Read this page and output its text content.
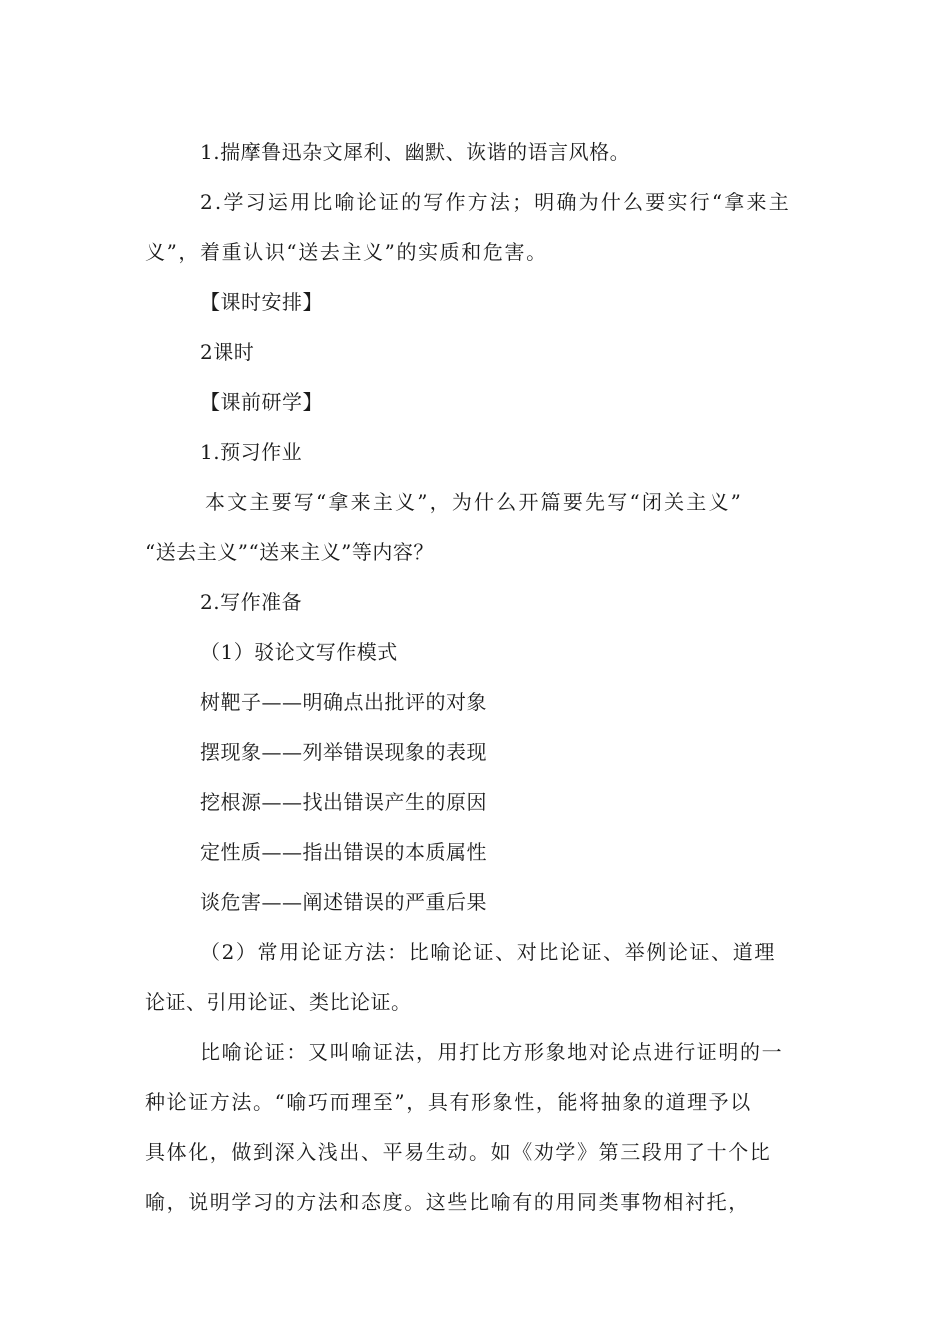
1.揣摩鲁迅杂文犀利、幽默、诙谐的语言风格。
2.学习运用比喻论证的写作方法；明确为什么要实行“拿来主
义”，着重认识“送去主义”的实质和危害。
【课时安排】
2课时
【课前研学】
1.预习作业
本文主要写“拿来主义”，为什么开篇要先写“闭关主义”
“送去主义”“送来主义”等内容？
2.写作准备
（1）驳论文写作模式
树靶子——明确点出批评的对象
摆现象——列举错误现象的表现
挖根源——找出错误产生的原因
定性质——指出错误的本质属性
谈危害——阐述错误的严重后果
（2）常用论证方法：比喻论证、对比论证、举例论证、道理
论证、引用论证、类比论证。
比喻论证：又叫喻证法，用打比方形象地对论点进行证明的一
种论证方法。“喻巧而理至”，具有形象性，能将抽象的道理予以
具体化，做到深入浅出、平易生动。如《劝学》第三段用了十个比
喻，说明学习的方法和态度。这些比喻有的用同类事物相衬托，
